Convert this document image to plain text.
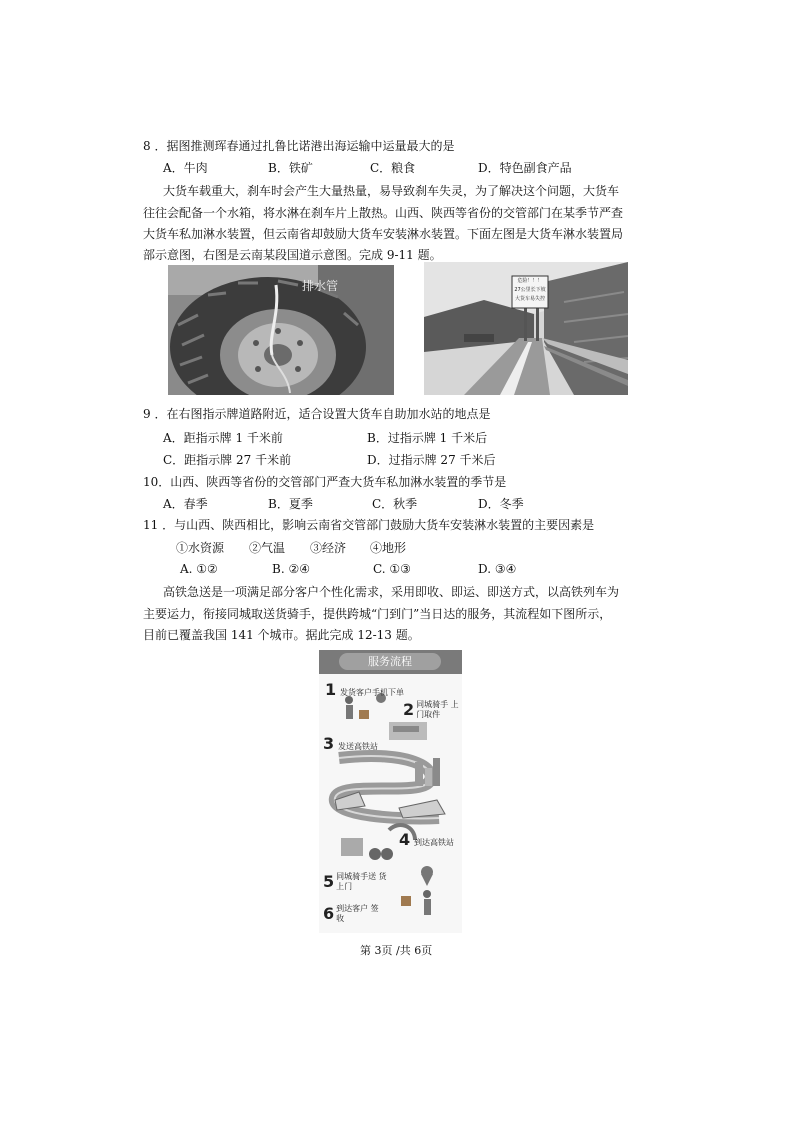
8 ．据图推测珲春通过扎鲁比诺港出海运输中运量最大的是
A．牛肉	B．铁矿	C．粮食	D．特色副食产品
大货车载重大，刹车时会产生大量热量，易导致刹车失灵，为了解决这个问题，大货车
往往会配备一个水箱，将水淋在刹车片上散热。山西、陕西等省份的交管部门在某季节严查
大货车私加淋水装置，但云南省却鼓励大货车安装淋水装置。下面左图是大货车淋水装置局
部示意图，右图是云南某段国道示意图。完成 9-11 题。
排水管	危险！！！
27公里长下坡
大货车易失控
9 ．在右图指示牌道路附近，适合设置大货车自助加水站的地点是
A．距指示牌 1 千米前	B．过指示牌 1 千米后
C．距指示牌 27 千米前	D．过指示牌 27 千米后
10．山西、陕西等省份的交管部门严查大货车私加淋水装置的季节是
A．春季	B．夏季	C．秋季	D．冬季
11 ．与山西、陕西相比，影响云南省交管部门鼓励大货车安装淋水装置的主要因素是
①水资源 ②气温 ③经济 ④地形
A. ①②	B. ②④	C. ①③	D. ③④
高铁急送是一项满足部分客户个性化需求，采用即收、即运、即送方式，以高铁列车为
主要运力，衔接同城取送货骑手，提供跨城“门到门”当日达的服务，其流程如下图所示，
目前已覆盖我国 141 个城市。据此完成 12-13 题。
服务流程
1 发货客户手机下单
2 同城骑手 上门取件
3 发送高铁站
4 到达高铁站
5 同城骑手送 货上门
6 到达客户 签收
第 3页 /共 6页
